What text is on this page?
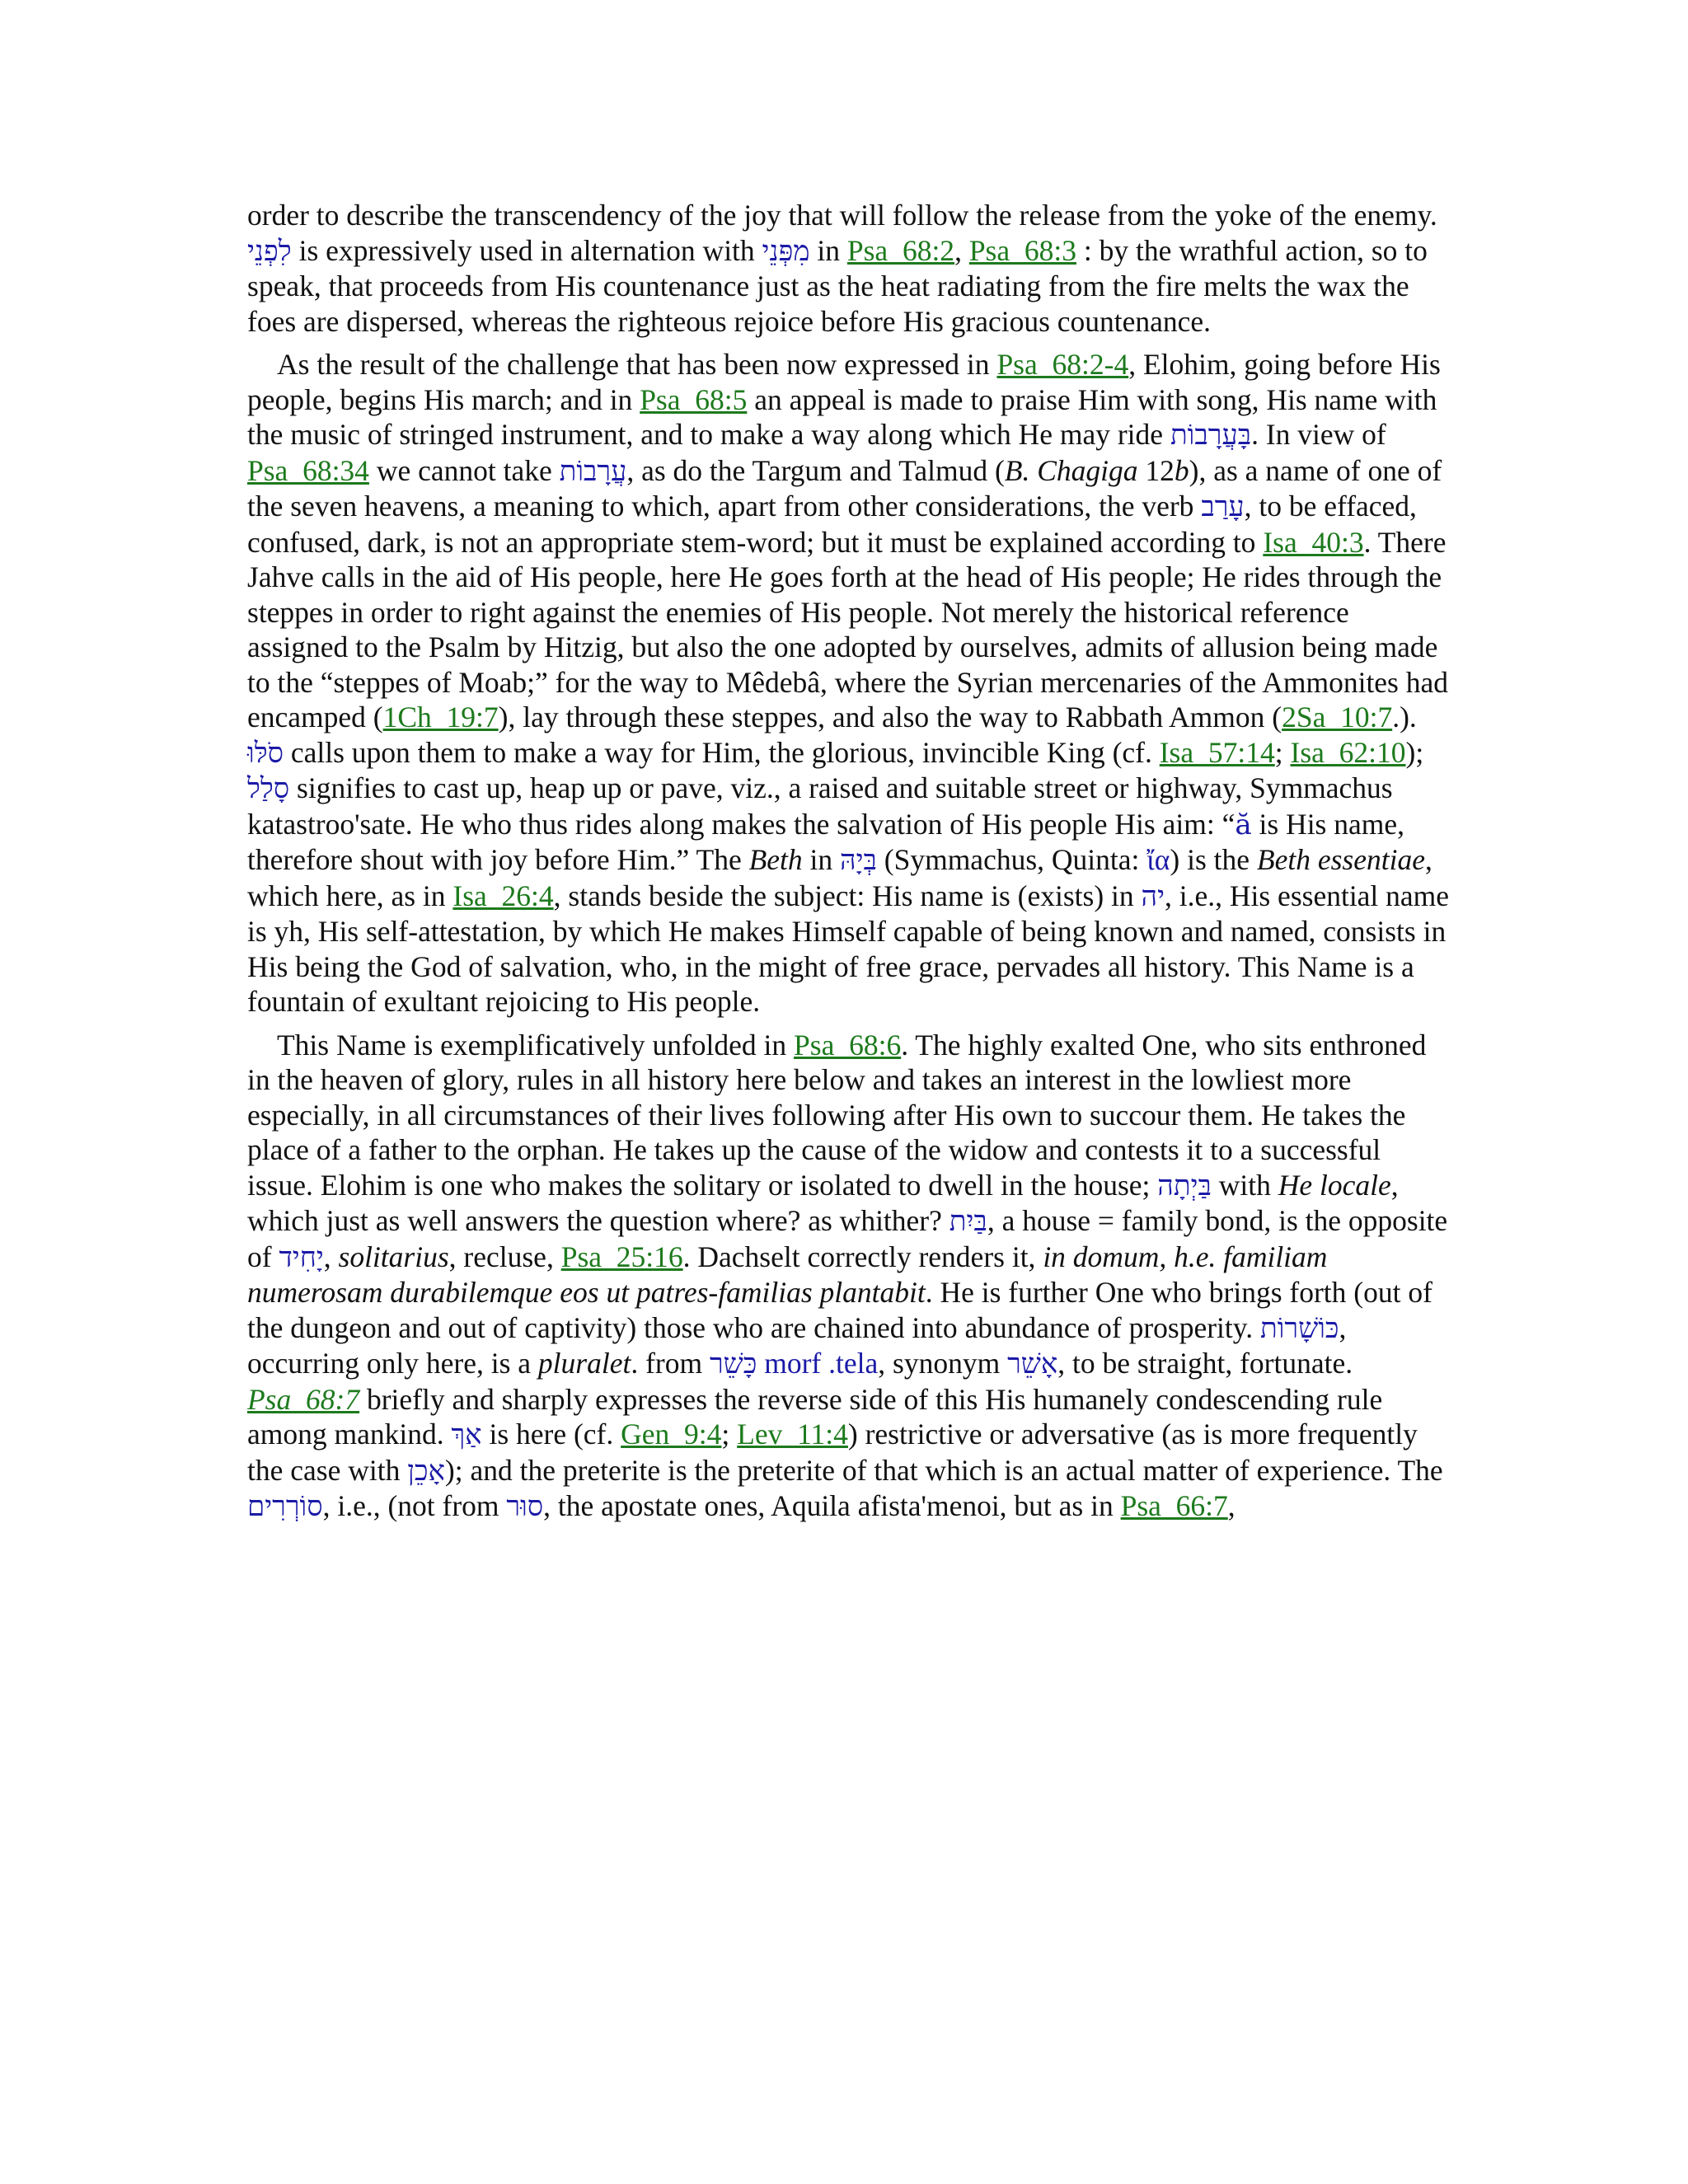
order to describe the transcendency of the joy that will follow the release from the yoke of the enemy. לִפְנֵי is expressively used in alternation with מִפְּנֵי in Psa_68:2, Psa_68:3 : by the wrathful action, so to speak, that proceeds from His countenance just as the heat radiating from the fire melts the wax the foes are dispersed, whereas the righteous rejoice before His gracious countenance.

As the result of the challenge that has been now expressed in Psa_68:2-4, Elohim, going before His people, begins His march; and in Psa_68:5 an appeal is made to praise Him with song, His name with the music of stringed instrument, and to make a way along which He may ride בָּעֲרָבוֹת. In view of Psa_68:34 we cannot take עֲרָבוֹת, as do the Targum and Talmud (B. Chagiga 12b), as a name of one of the seven heavens, a meaning to which, apart from other considerations, the verb עָרַב, to be effaced, confused, dark, is not an appropriate stem-word; but it must be explained according to Isa_40:3. There Jahve calls in the aid of His people, here He goes forth at the head of His people; He rides through the steppes in order to right against the enemies of His people. Not merely the historical reference assigned to the Psalm by Hitzig, but also the one adopted by ourselves, admits of allusion being made to the “steppes of Moab;” for the way to Mêdebâ, where the Syrian mercenaries of the Ammonites had encamped (1Ch_19:7), lay through these steppes, and also the way to Rabbath Ammon (2Sa_10:7.). סֹלּוּ calls upon them to make a way for Him, the glorious, invincible King (cf. Isa_57:14; Isa_62:10); סָלַל signifies to cast up, heap up or pave, viz., a raised and suitable street or highway, Symmachus katastroo'sate. He who thus rides along makes the salvation of His people His aim: “ă is His name, therefore shout with joy before Him.” The Beth in בְּיָהּ (Symmachus, Quinta: ἴα) is the Beth essentiae, which here, as in Isa_26:4, stands beside the subject: His name is (exists) in יה, i.e., His essential name is yh, His self-attestation, by which He makes Himself capable of being known and named, consists in His being the God of salvation, who, in the might of free grace, pervades all history. This Name is a fountain of exultant rejoicing to His people.

This Name is exemplificatively unfolded in Psa_68:6. The highly exalted One, who sits enthroned in the heaven of glory, rules in all history here below and takes an interest in the lowliest more especially, in all circumstances of their lives following after His own to succour them. He takes the place of a father to the orphan. He takes up the cause of the widow and contests it to a successful issue. Elohim is one who makes the solitary or isolated to dwell in the house; בַּיְתָה with He locale, which just as well answers the question where? as whither? בַּיִת, a house = family bond, is the opposite of יָחִיד, solitarius, recluse, Psa_25:16. Dachselt correctly renders it, in domum, h.e. familiam numerosam durabilemque eos ut patres-familias plantabit. He is further One who brings forth (out of the dungeon and out of captivity) those who are chained into abundance of prosperity. כּוֹשָׁרוֹת, occurring only here, is a pluralet. from כָּשֵׁר morf .tela, synonym אָשֵׁר, to be straight, fortunate. Psa_68:7 briefly and sharply expresses the reverse side of this His humanely condescending rule among mankind. אַךְ is here (cf. Gen_9:4; Lev_11:4) restrictive or adversative (as is more frequently the case with אָכֵן); and the preterite is the preterite of that which is an actual matter of experience. The סוֹרְרִים, i.e., (not from סוּר, the apostate ones, Aquila afista'menoi, but as in Psa_66:7,
